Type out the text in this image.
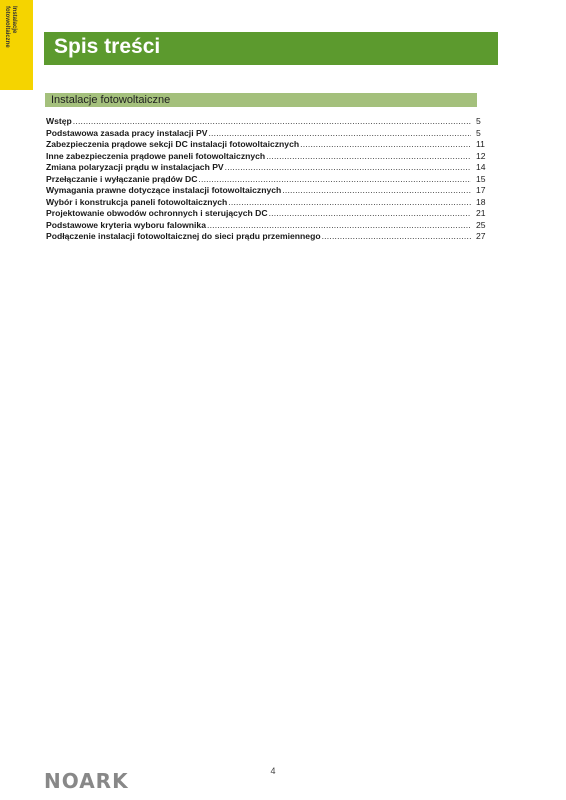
Instalacje
fotowoltaiczne	Spis treści
Instalacje fotowoltaiczne
Wstęp .....	5
Podstawowa zasada pracy instalacji PV .....	5
Zabezpieczenia prądowe sekcji DC instalacji fotowoltaicznych .....	11
Inne zabezpieczenia prądowe paneli fotowoltaicznych .....	12
Zmiana polaryzacji prądu w instalacjach PV .....	14
Przełączanie i wyłączanie prądów DC .....	15
Wymagania prawne dotyczące instalacji fotowoltaicznych .....	17
Wybór i konstrukcja paneli fotowoltaicznych .....	18
Projektowanie obwodów ochronnych i sterujących DC .....	21
Podstawowe kryteria wyboru falownika .....	25
Podłączenie instalacji fotowoltaicznej do sieci prądu przemiennego .....	27
4
NOARK
